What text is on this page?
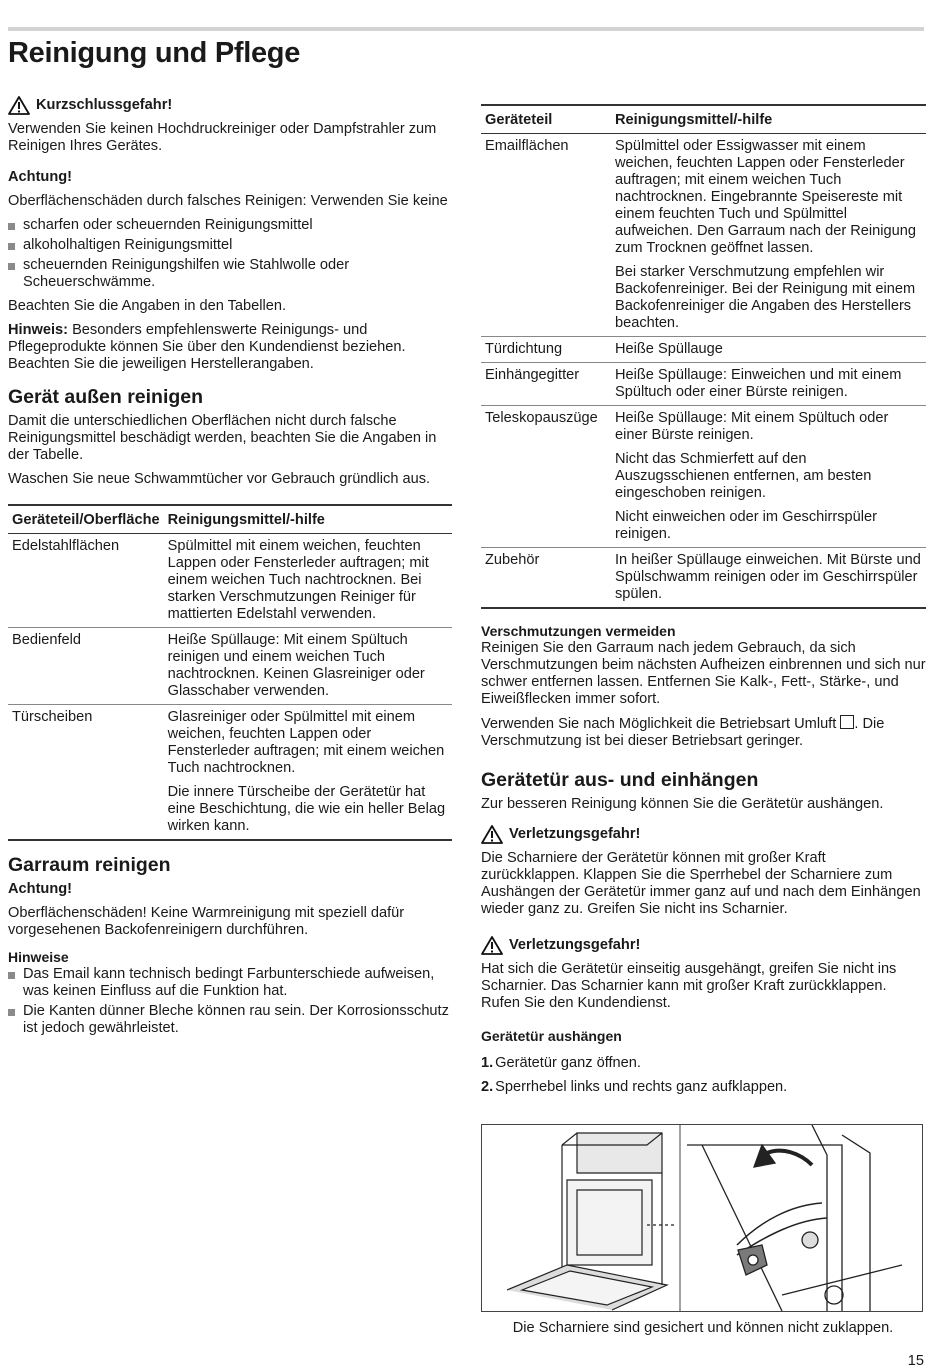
Reinigung und Pflege
Kurzschlussgefahr!

Verwenden Sie keinen Hochdruckreiniger oder Dampfstrahler zum Reinigen Ihres Gerätes.

Achtung!

Oberflächenschäden durch falsches Reinigen: Verwenden Sie keine

scharfen oder scheuernden Reinigungsmittel
alkoholhaltigen Reinigungsmittel
scheuernden Reinigungshilfen wie Stahlwolle oder Scheuerschwämme.

Beachten Sie die Angaben in den Tabellen.

Hinweis: Besonders empfehlenswerte Reinigungs- und Pflegeprodukte können Sie über den Kundendienst beziehen. Beachten Sie die jeweiligen Herstellerangaben.

Gerät außen reinigen

Damit die unterschiedlichen Oberflächen nicht durch falsche Reinigungsmittel beschädigt werden, beachten Sie die Angaben in der Tabelle.

Waschen Sie neue Schwammtücher vor Gebrauch gründlich aus.

Geräteteil/Oberfläche	Reinigungsmittel/-hilfe
Edelstahlflächen	Spülmittel mit einem weichen, feuchten Lappen oder Fensterleder auftragen; mit einem weichen Tuch nachtrocknen. Bei starken Verschmutzungen Reiniger für mattierten Edelstahl verwenden.

Bedienfeld	Heiße Spüllauge: Mit einem Spültuch reinigen und einem weichen Tuch nachtrocknen. Keinen Glasreiniger oder Glasschaber verwenden.

Türscheiben	Glasreiniger oder Spülmittel mit einem weichen, feuchten Lappen oder Fensterleder auftragen; mit einem weichen Tuch nachtrocknen.

Die innere Türscheibe der Gerätetür hat eine Beschichtung, die wie ein heller Belag wirken kann.

Garraum reinigen

Achtung!

Oberflächenschäden! Keine Warmreinigung mit speziell dafür vorgesehenen Backofenreinigern durchführen.

Hinweise
Das Email kann technisch bedingt Farbunterschiede aufweisen, was keinen Einfluss auf die Funktion hat.
Die Kanten dünner Bleche können rau sein. Der Korrosionsschutz ist jedoch gewährleistet.
Geräteteil	Reinigungsmittel/-hilfe
Emailflächen	Spülmittel oder Essigwasser mit einem weichen, feuchten Lappen oder Fensterleder auftragen; mit einem weichen Tuch nachtrocknen. Eingebrannte Speisereste mit einem feuchten Tuch und Spülmittel aufweichen. Den Garraum nach der Reinigung zum Trocknen geöffnet lassen.

Bei starker Verschmutzung empfehlen wir Backofenreiniger. Bei der Reinigung mit einem Backofenreiniger die Angaben des Herstellers beachten.

Türdichtung	Heiße Spüllauge

Einhängegitter	Heiße Spüllauge: Einweichen und mit einem Spültuch oder einer Bürste reinigen.

Teleskopauszüge	Heiße Spüllauge: Mit einem Spültuch oder einer Bürste reinigen.

Nicht das Schmierfett auf den Auszugsschienen entfernen, am besten eingeschoben reinigen.

Nicht einweichen oder im Geschirrspüler reinigen.

Zubehör	In heißer Spüllauge einweichen. Mit Bürste und Spülschwamm reinigen oder im Geschirrspüler spülen.

Verschmutzungen vermeiden

Reinigen Sie den Garraum nach jedem Gebrauch, da sich Verschmutzungen beim nächsten Aufheizen einbrennen und sich nur schwer entfernen lassen. Entfernen Sie Kalk-, Fett-, Stärke-, und Eiweißflecken immer sofort.

Verwenden Sie nach Möglichkeit die Betriebsart Umluft . Die Verschmutzung ist bei dieser Betriebsart geringer.

Gerätetür aus- und einhängen

Zur besseren Reinigung können Sie die Gerätetür aushängen.

Verletzungsgefahr!

Die Scharniere der Gerätetür können mit großer Kraft zurückklappen. Klappen Sie die Sperrhebel der Scharniere zum Aushängen der Gerätetür immer ganz auf und nach dem Einhängen wieder ganz zu. Greifen Sie nicht ins Scharnier.

Verletzungsgefahr!

Hat sich die Gerätetür einseitig ausgehängt, greifen Sie nicht ins Scharnier. Das Scharnier kann mit großer Kraft zurückklappen. Rufen Sie den Kundendienst.

Gerätetür aushängen
1. Gerätetür ganz öffnen.
2. Sperrhebel links und rechts ganz aufklappen.
Die Scharniere sind gesichert und können nicht zuklappen.
15
